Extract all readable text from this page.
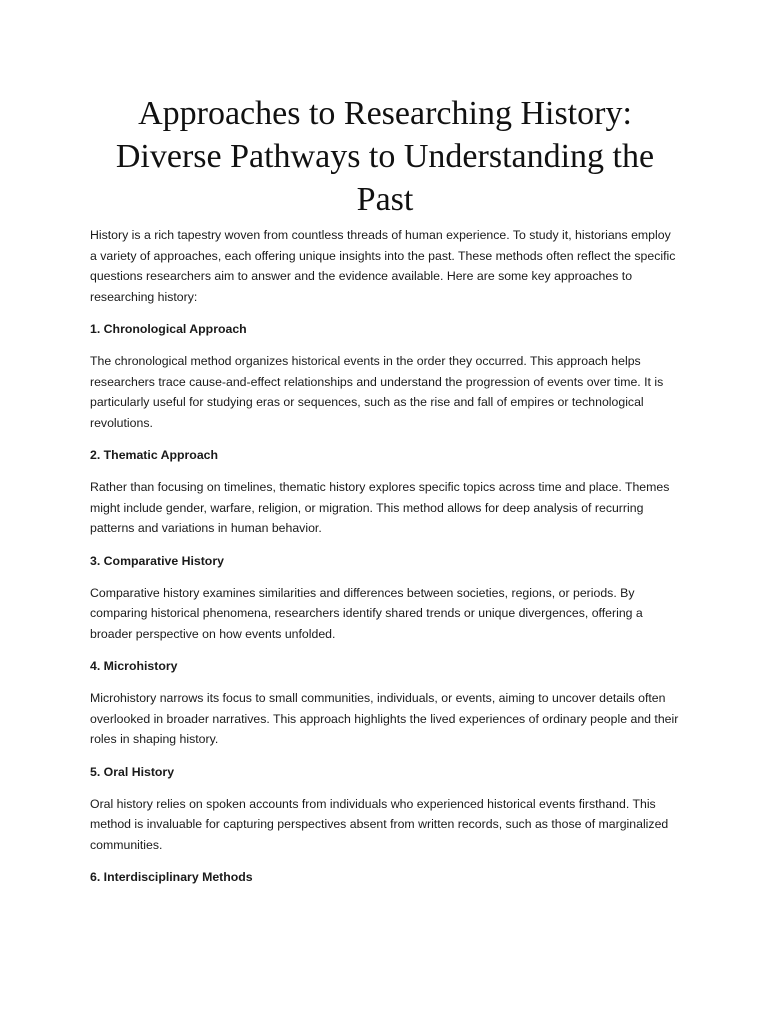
Approaches to Researching History:
Diverse Pathways to Understanding the
Past

History is a rich tapestry woven from countless threads of human experience. To study it, historians employ a variety of approaches, each offering unique insights into the past. These methods often reflect the specific questions researchers aim to answer and the evidence available. Here are some key approaches to researching history:

1. Chronological Approach

The chronological method organizes historical events in the order they occurred. This approach helps researchers trace cause-and-effect relationships and understand the progression of events over time. It is particularly useful for studying eras or sequences, such as the rise and fall of empires or technological revolutions.

2. Thematic Approach

Rather than focusing on timelines, thematic history explores specific topics across time and place. Themes might include gender, warfare, religion, or migration. This method allows for deep analysis of recurring patterns and variations in human behavior.

3. Comparative History

Comparative history examines similarities and differences between societies, regions, or periods. By comparing historical phenomena, researchers identify shared trends or unique divergences, offering a broader perspective on how events unfolded.

4. Microhistory

Microhistory narrows its focus to small communities, individuals, or events, aiming to uncover details often overlooked in broader narratives. This approach highlights the lived experiences of ordinary people and their roles in shaping history.

5. Oral History

Oral history relies on spoken accounts from individuals who experienced historical events firsthand. This method is invaluable for capturing perspectives absent from written records, such as those of marginalized communities.

6. Interdisciplinary Methods
